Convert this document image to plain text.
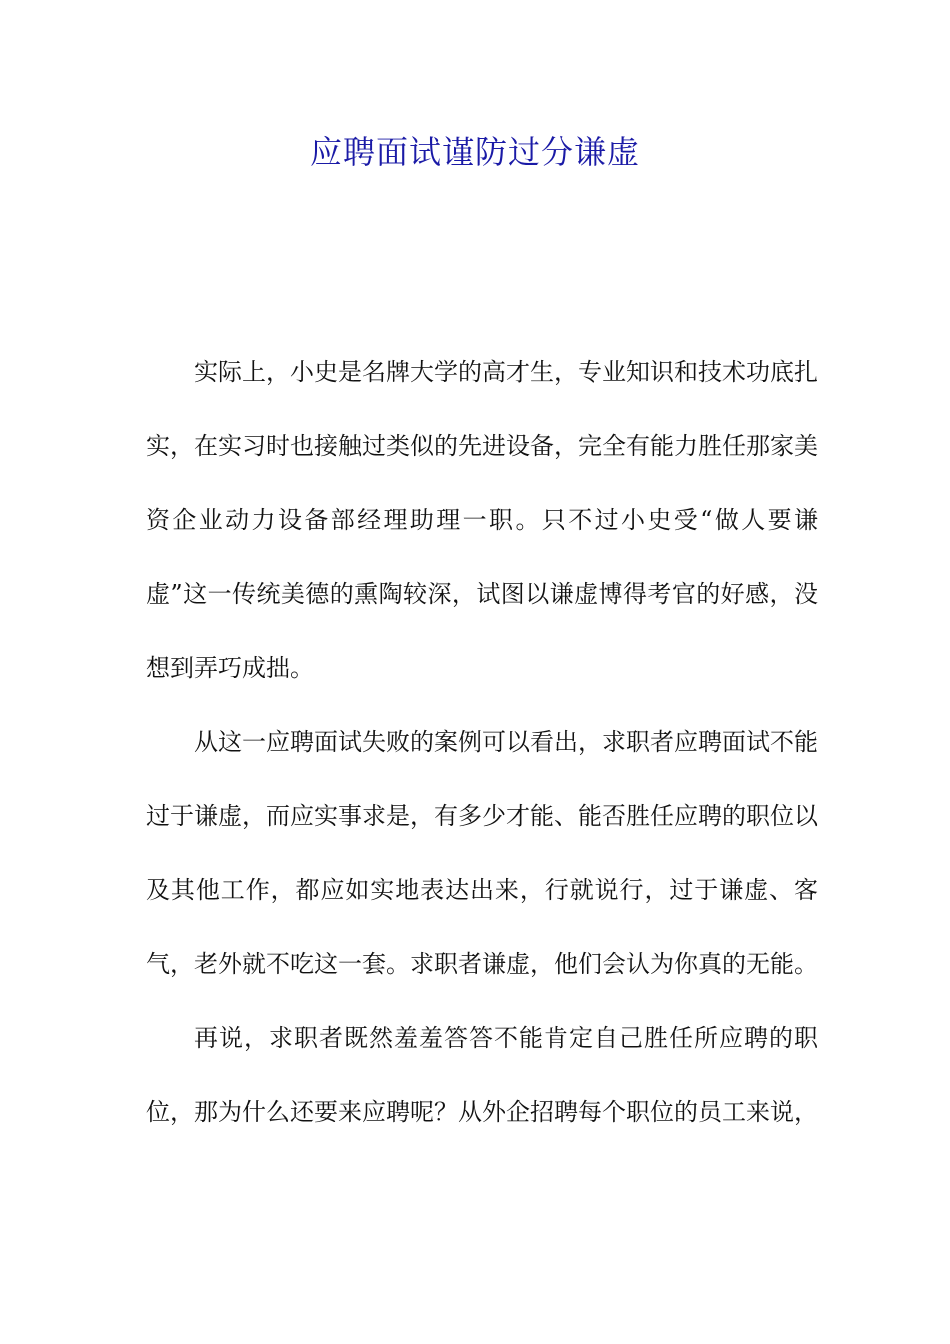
应聘面试谨防过分谦虚

实际上，小史是名牌大学的高才生，专业知识和技术功底扎实，在实习时也接触过类似的先进设备，完全有能力胜任那家美资企业动力设备部经理助理一职。只不过小史受“做人要谦虚”这一传统美德的熏陶较深，试图以谦虚博得考官的好感，没想到弄巧成拙。

从这一应聘面试失败的案例可以看出，求职者应聘面试不能过于谦虚，而应实事求是，有多少才能、能否胜任应聘的职位以及其他工作，都应如实地表达出来，行就说行，过于谦虚、客气，老外就不吃这一套。求职者谦虚，他们会认为你真的无能。

再说，求职者既然羞羞答答不能肯定自己胜任所应聘的职位，那为什么还要来应聘呢？从外企招聘每个职位的员工来说，
